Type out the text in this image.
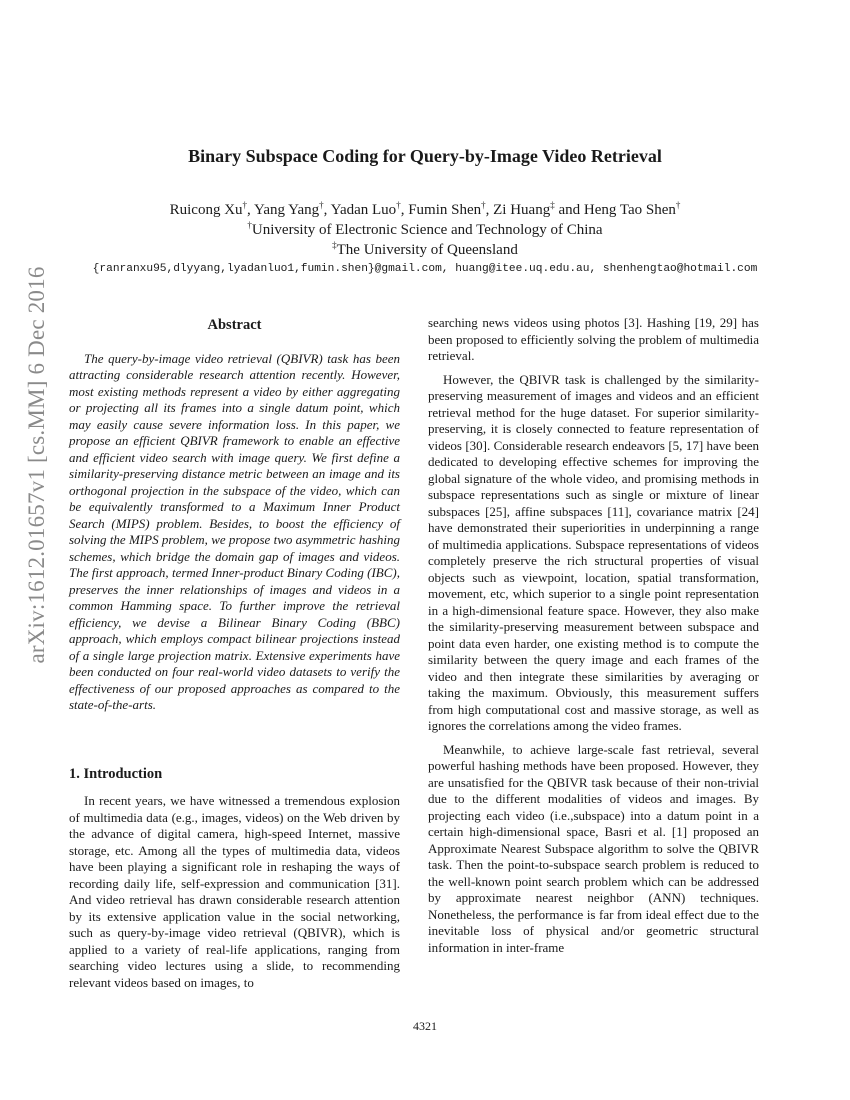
arXiv:1612.01657v1 [cs.MM] 6 Dec 2016
Binary Subspace Coding for Query-by-Image Video Retrieval
Ruicong Xu†, Yang Yang†, Yadan Luo†, Fumin Shen†, Zi Huang‡ and Heng Tao Shen†
†University of Electronic Science and Technology of China
‡The University of Queensland
{ranranxu95,dlyyang,lyadanluo1,fumin.shen}@gmail.com, huang@itee.uq.edu.au, shenhengtao@hotmail.com
Abstract

The query-by-image video retrieval (QBIVR) task has been attracting considerable research attention recently. However, most existing methods represent a video by either aggregating or projecting all its frames into a single datum point, which may easily cause severe information loss. In this paper, we propose an efficient QBIVR framework to enable an effective and efficient video search with image query. We first define a similarity-preserving distance metric between an image and its orthogonal projection in the subspace of the video, which can be equivalently transformed to a Maximum Inner Product Search (MIPS) problem. Besides, to boost the efficiency of solving the MIPS problem, we propose two asymmetric hashing schemes, which bridge the domain gap of images and videos. The first approach, termed Inner-product Binary Coding (IBC), preserves the inner relationships of images and videos in a common Hamming space. To further improve the retrieval efficiency, we devise a Bilinear Binary Coding (BBC) approach, which employs compact bilinear projections instead of a single large projection matrix. Extensive experiments have been conducted on four real-world video datasets to verify the effectiveness of our proposed approaches as compared to the state-of-the-arts.

1. Introduction

In recent years, we have witnessed a tremendous explosion of multimedia data (e.g., images, videos) on the Web driven by the advance of digital camera, high-speed Internet, massive storage, etc. Among all the types of multimedia data, videos have been playing a significant role in reshaping the ways of recording daily life, self-expression and communication [31]. And video retrieval has drawn considerable research attention by its extensive application value in the social networking, such as query-by-image video retrieval (QBIVR), which is applied to a variety of real-life applications, ranging from searching video lectures using a slide, to recommending relevant videos based on images, to

searching news videos using photos [3]. Hashing [19, 29] has been proposed to efficiently solving the problem of multimedia retrieval.

However, the QBIVR task is challenged by the similarity-preserving measurement of images and videos and an efficient retrieval method for the huge dataset. For superior similarity-preserving, it is closely connected to feature representation of videos [30]. Considerable research endeavors [5, 17] have been dedicated to developing effective schemes for improving the global signature of the whole video, and promising methods in subspace representations such as single or mixture of linear subspaces [25], affine subspaces [11], covariance matrix [24] have demonstrated their superiorities in underpinning a range of multimedia applications. Subspace representations of videos completely preserve the rich structural properties of visual objects such as viewpoint, location, spatial transformation, movement, etc, which superior to a single point representation in a high-dimensional feature space. However, they also make the similarity-preserving measurement between subspace and point data even harder, one existing method is to compute the similarity between the query image and each frames of the video and then integrate these similarities by averaging or taking the maximum. Obviously, this measurement suffers from high computational cost and massive storage, as well as ignores the correlations among the video frames.

Meanwhile, to achieve large-scale fast retrieval, several powerful hashing methods have been proposed. However, they are unsatisfied for the QBIVR task because of their non-trivial due to the different modalities of videos and images. By projecting each video (i.e.,subspace) into a datum point in a certain high-dimensional space, Basri et al. [1] proposed an Approximate Nearest Subspace algorithm to solve the QBIVR task. Then the point-to-subspace search problem is reduced to the well-known point search problem which can be addressed by approximate nearest neighbor (ANN) techniques. Nonetheless, the performance is far from ideal effect due to the inevitable loss of physical and/or geometric structural information in inter-frame

4321
